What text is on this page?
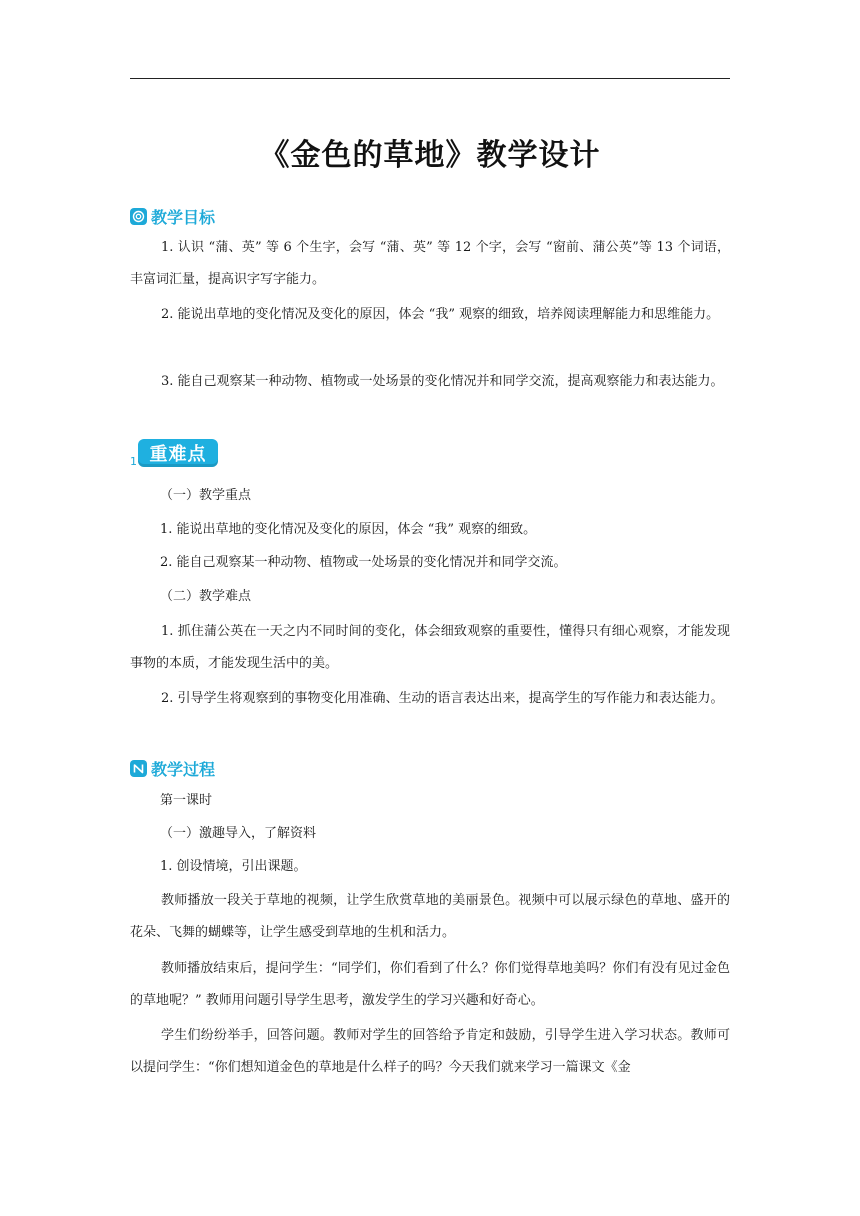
《金色的草地》教学设计
教学目标
1. 认识 “蒲、英” 等 6 个生字，会写 “蒲、英” 等 12 个字，会写 “窗前、蒲公英”等 13 个词语，丰富词汇量，提高识字写字能力。
2. 能说出草地的变化情况及变化的原因，体会 “我” 观察的细致，培养阅读理解能力和思维能力。
3. 能自己观察某一种动物、植物或一处场景的变化情况并和同学交流，提高观察能力和表达能力。
1 重难点
（一）教学重点
1. 能说出草地的变化情况及变化的原因，体会 “我” 观察的细致。
2. 能自己观察某一种动物、植物或一处场景的变化情况并和同学交流。
（二）教学难点
1. 抓住蒲公英在一天之内不同时间的变化，体会细致观察的重要性，懂得只有细心观察，才能发现事物的本质，才能发现生活中的美。
2. 引导学生将观察到的事物变化用准确、生动的语言表达出来，提高学生的写作能力和表达能力。
教学过程
第一课时
（一）激趣导入，了解资料
1. 创设情境，引出课题。
教师播放一段关于草地的视频，让学生欣赏草地的美丽景色。视频中可以展示绿色的草地、盛开的花朵、飞舞的蝴蝶等，让学生感受到草地的生机和活力。
教师播放结束后，提问学生：“同学们，你们看到了什么？你们觉得草地美吗？你们有没有见过金色的草地呢？” 教师用问题引导学生思考，激发学生的学习兴趣和好奇心。
学生们纷纷举手，回答问题。教师对学生的回答给予肯定和鼓励，引导学生进入学习状态。教师可以提问学生：“你们想知道金色的草地是什么样子的吗？今天我们就来学习一篇课文《金
